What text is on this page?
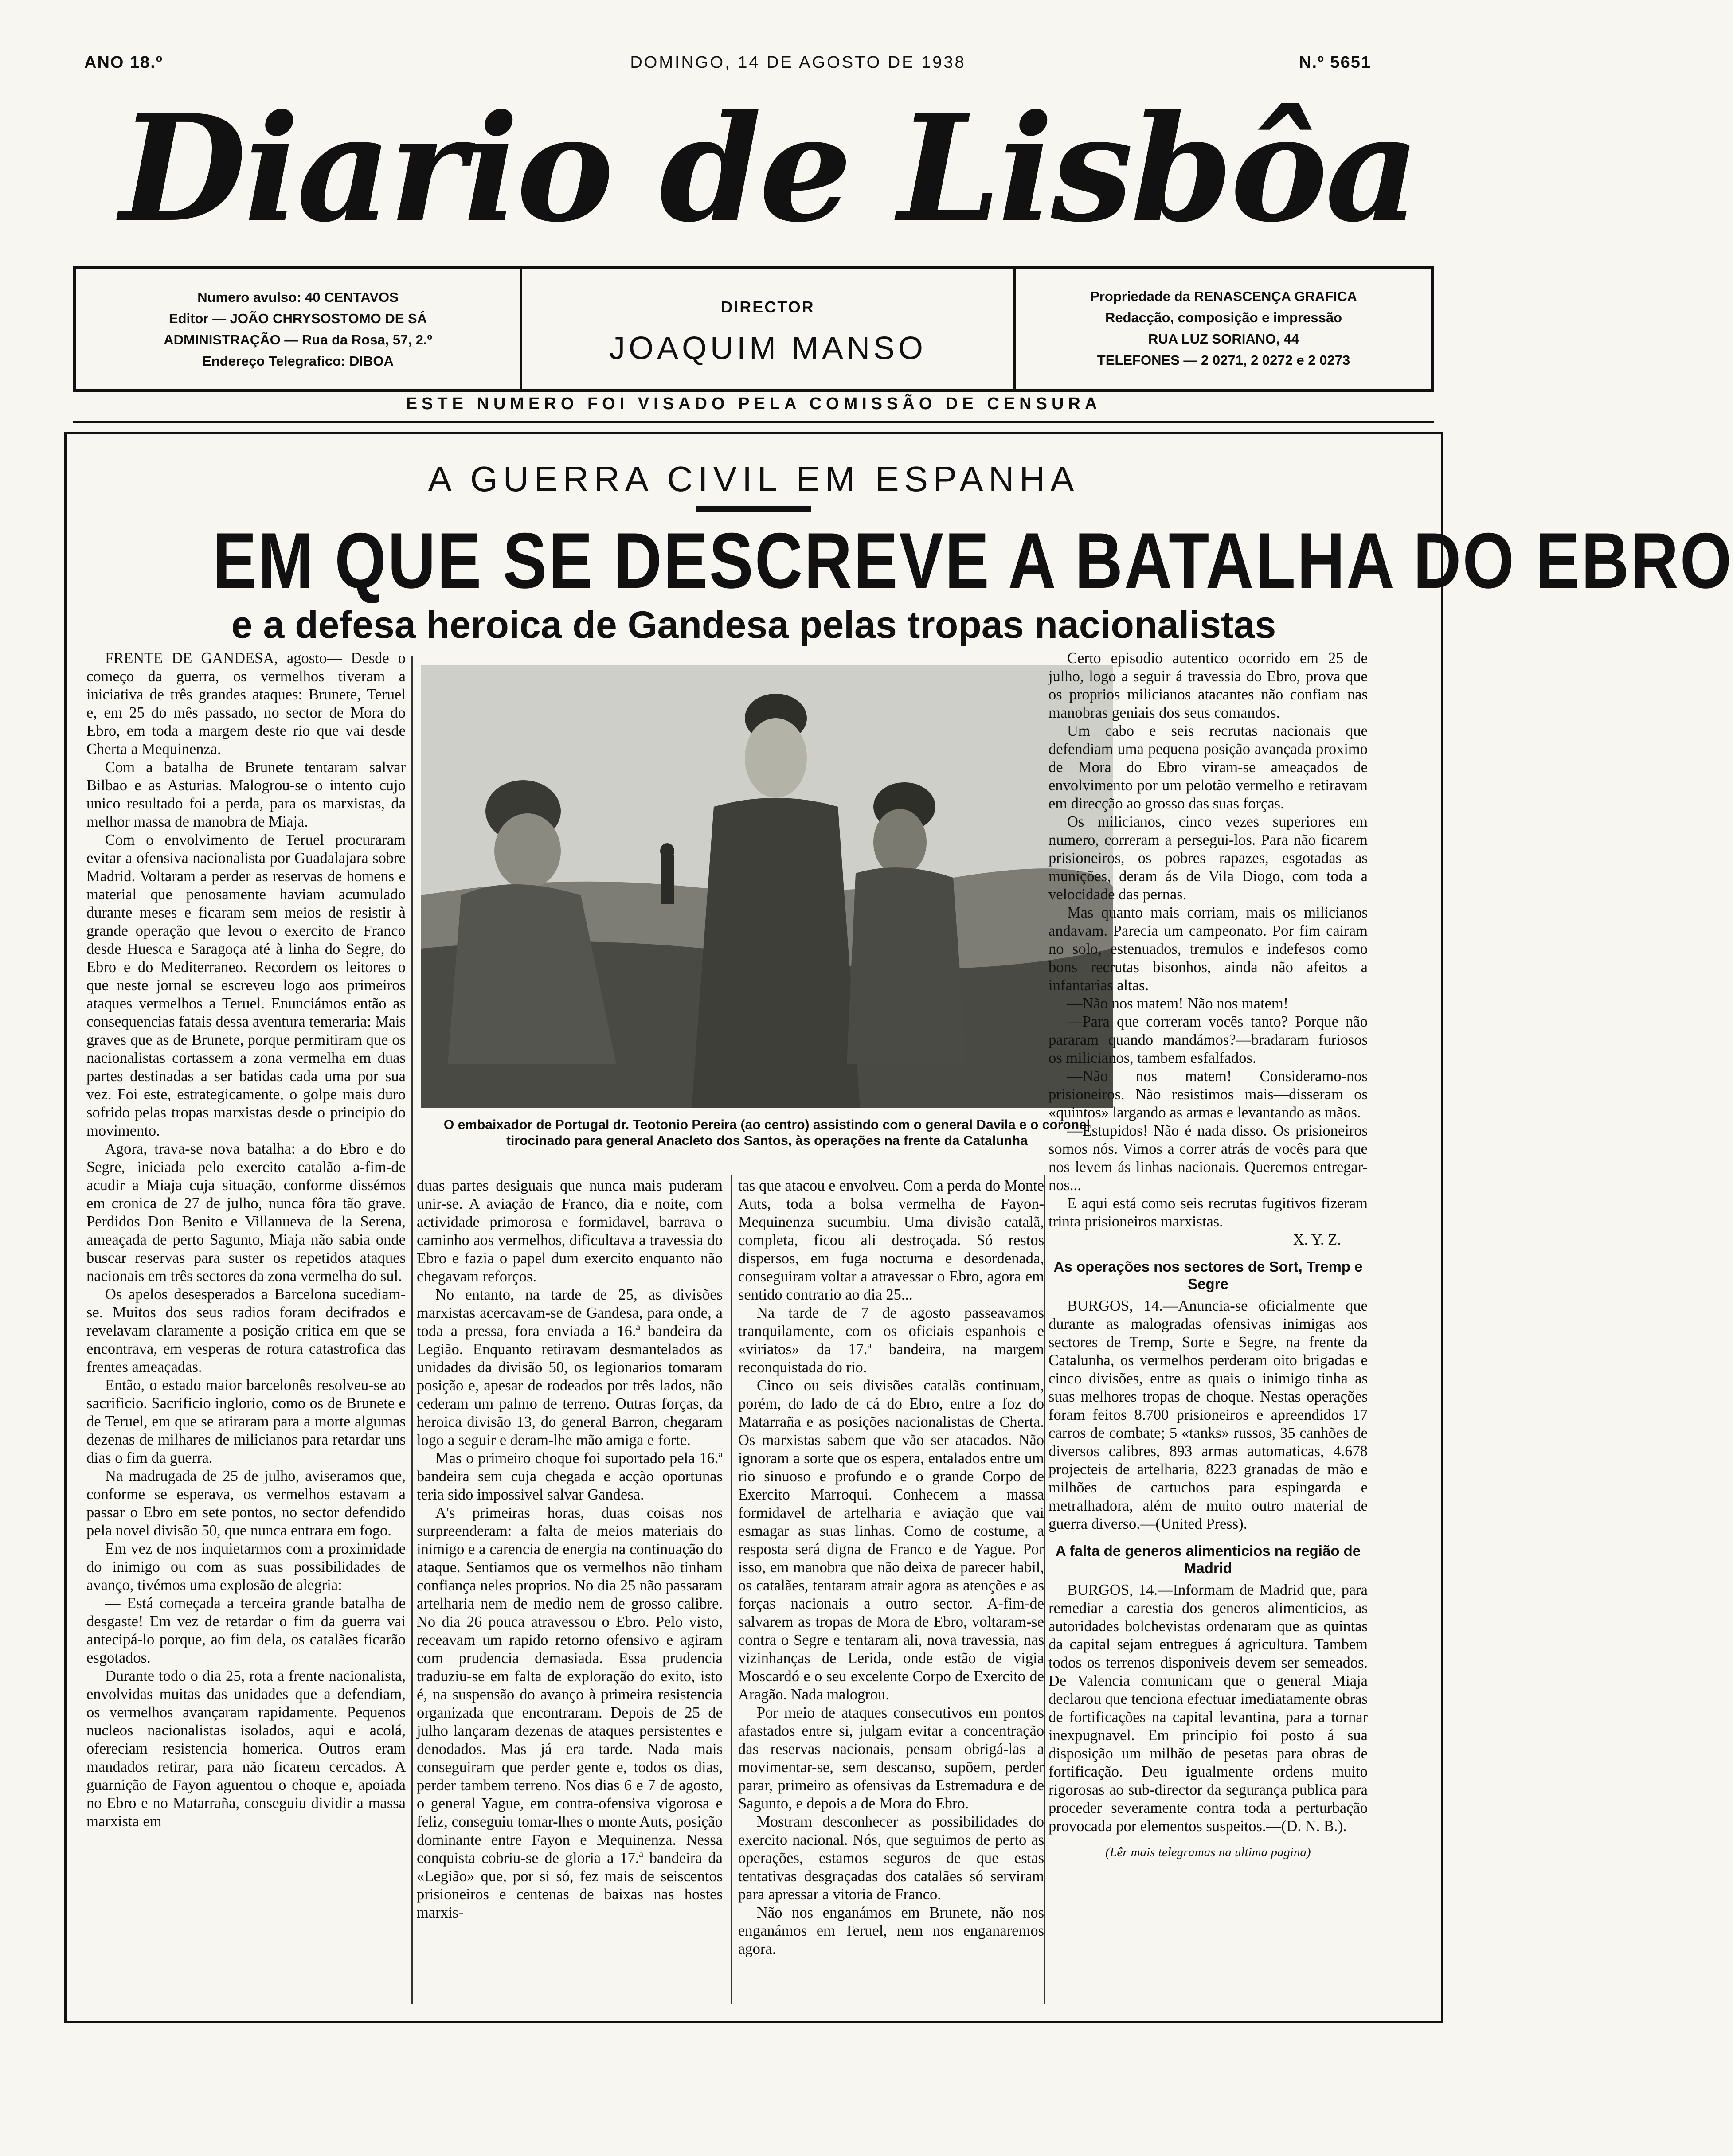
ANO 18.º	DOMINGO, 14 DE AGOSTO DE 1938	N.º 5651
Diario de Lisbôa
Numero avulso: 40 CENTAVOS
Editor — JOÃO CHRYSOSTOMO DE SÁ
ADMINISTRAÇÃO — Rua da Rosa, 57, 2.º
Endereço Telegrafico: DIBOA
DIRECTOR
JOAQUIM MANSO
Propriedade da RENASCENÇA GRAFICA
Redacção, composição e impressão
RUA LUZ SORIANO, 44
TELEFONES — 2 0271, 2 0272 e 2 0273
ESTE NUMERO FOI VISADO PELA COMISSÃO DE CENSURA
A GUERRA CIVIL EM ESPANHA
EM QUE SE DESCREVE A BATALHA DO EBRO
e a defesa heroica de Gandesa pelas tropas nacionalistas

FRENTE DE GANDESA, agosto— Desde o começo da guerra, os vermelhos tiveram a iniciativa de três grandes ataques: Brunete, Teruel e, em 25 do mês passado, no sector de Mora do Ebro, em toda a margem deste rio que vai desde Cherta a Mequinenza.

Com a batalha de Brunete tentaram salvar Bilbao e as Asturias. Malogrou-se o intento cujo unico resultado foi a perda, para os marxistas, da melhor massa de manobra de Miaja.

Com o envolvimento de Teruel procuraram evitar a ofensiva nacionalista por Guadalajara sobre Madrid. Voltaram a perder as reservas de homens e material que penosamente haviam acumulado durante meses e ficaram sem meios de resistir à grande operação que levou o exercito de Franco desde Huesca e Saragoça até à linha do Segre, do Ebro e do Mediterraneo. Recordem os leitores o que neste jornal se escreveu logo aos primeiros ataques vermelhos a Teruel. Enunciámos então as consequencias fatais dessa aventura temeraria: Mais graves que as de Brunete, porque permitiram que os nacionalistas cortassem a zona vermelha em duas partes destinadas a ser batidas cada uma por sua vez. Foi este, estrategicamente, o golpe mais duro sofrido pelas tropas marxistas desde o principio do movimento.

Agora, trava-se nova batalha: a do Ebro e do Segre, iniciada pelo exercito catalão a-fim-de acudir a Miaja cuja situação, conforme dissémos em cronica de 27 de julho, nunca fôra tão grave. Perdidos Don Benito e Villanueva de la Serena, ameaçada de perto Sagunto, Miaja não sabia onde buscar reservas para suster os repetidos ataques nacionais em três sectores da zona vermelha do sul.

Os apelos desesperados a Barcelona sucediam-se. Muitos dos seus radios foram decifrados e revelavam claramente a posição critica em que se encontrava, em vesperas de rotura catastrofica das frentes ameaçadas.

Então, o estado maior barcelonês resolveu-se ao sacrificio. Sacrificio inglorio, como os de Brunete e de Teruel, em que se atiraram para a morte algumas dezenas de milhares de milicianos para retardar uns dias o fim da guerra.

Na madrugada de 25 de julho, aviseramos que, conforme se esperava, os vermelhos estavam a passar o Ebro em sete pontos, no sector defendido pela novel divisão 50, que nunca entrara em fogo.

Em vez de nos inquietarmos com a proximidade do inimigo ou com as suas possibilidades de avanço, tivémos uma explosão de alegria:

— Está começada a terceira grande batalha de desgaste! Em vez de retardar o fim da guerra vai antecipá-lo porque, ao fim dela, os catalães ficarão esgotados.

Durante todo o dia 25, rota a frente nacionalista, envolvidas muitas das unidades que a defendiam, os vermelhos avançaram rapidamente. Pequenos nucleos nacionalistas isolados, aqui e acolá, ofereciam resistencia homerica. Outros eram mandados retirar, para não ficarem cercados. A guarnição de Fayon aguentou o choque e, apoiada no Ebro e no Matarraña, conseguiu dividir a massa marxista em

O embaixador de Portugal dr. Teotonio Pereira (ao centro) assistindo com o general Davila e o coronel tirocinado para general Anacleto dos Santos, às operações na frente da Catalunha

duas partes desiguais que nunca mais puderam unir-se. A aviação de Franco, dia e noite, com actividade primorosa e formidavel, barrava o caminho aos vermelhos, dificultava a travessia do Ebro e fazia o papel dum exercito enquanto não chegavam reforços.

No entanto, na tarde de 25, as divisões marxistas acercavam-se de Gandesa, para onde, a toda a pressa, fora enviada a 16.ª bandeira da Legião. Enquanto retiravam desmantelados as unidades da divisão 50, os legionarios tomaram posição e, apesar de rodeados por três lados, não cederam um palmo de terreno. Outras forças, da heroica divisão 13, do general Barron, chegaram logo a seguir e deram-lhe mão amiga e forte.

Mas o primeiro choque foi suportado pela 16.ª bandeira sem cuja chegada e acção oportunas teria sido impossivel salvar Gandesa.

A's primeiras horas, duas coisas nos surpreenderam: a falta de meios materiais do inimigo e a carencia de energia na continuação do ataque. Sentiamos que os vermelhos não tinham confiança neles proprios. No dia 25 não passaram artelharia nem de medio nem de grosso calibre. No dia 26 pouca atravessou o Ebro. Pelo visto, receavam um rapido retorno ofensivo e agiram com prudencia demasiada. Essa prudencia traduziu-se em falta de exploração do exito, isto é, na suspensão do avanço à primeira resistencia organizada que encontraram. Depois de 25 de julho lançaram dezenas de ataques persistentes e denodados. Mas já era tarde. Nada mais conseguiram que perder gente e, todos os dias, perder tambem terreno. Nos dias 6 e 7 de agosto, o general Yague, em contra-ofensiva vigorosa e feliz, conseguiu tomar-lhes o monte Auts, posição dominante entre Fayon e Mequinenza. Nessa conquista cobriu-se de gloria a 17.ª bandeira da «Legião» que, por si só, fez mais de seiscentos prisioneiros e centenas de baixas nas hostes marxis-

tas que atacou e envolveu. Com a perda do Monte Auts, toda a bolsa vermelha de Fayon-Mequinenza sucumbiu. Uma divisão catalã, completa, ficou ali destroçada. Só restos dispersos, em fuga nocturna e desordenada, conseguiram voltar a atravessar o Ebro, agora em sentido contrario ao dia 25...

Na tarde de 7 de agosto passeavamos tranquilamente, com os oficiais espanhois e «viriatos» da 17.ª bandeira, na margem reconquistada do rio.

Cinco ou seis divisões catalãs continuam, porém, do lado de cá do Ebro, entre a foz do Matarraña e as posições nacionalistas de Cherta. Os marxistas sabem que vão ser atacados. Não ignoram a sorte que os espera, entalados entre um rio sinuoso e profundo e o grande Corpo de Exercito Marroqui. Conhecem a massa formidavel de artelharia e aviação que vai esmagar as suas linhas. Como de costume, a resposta será digna de Franco e de Yague. Por isso, em manobra que não deixa de parecer habil, os catalães, tentaram atrair agora as atenções e as forças nacionais a outro sector. A-fim-de salvarem as tropas de Mora de Ebro, voltaram-se contra o Segre e tentaram ali, nova travessia, nas vizinhanças de Lerida, onde estão de vigia Moscardó e o seu excelente Corpo de Exercito de Aragão. Nada malogrou.

Por meio de ataques consecutivos em pontos afastados entre si, julgam evitar a concentração das reservas nacionais, pensam obrigá-las a movimentar-se, sem descanso, supõem, perder parar, primeiro as ofensivas da Estremadura e de Sagunto, e depois a de Mora do Ebro.

Mostram desconhecer as possibilidades do exercito nacional. Nós, que seguimos de perto as operações, estamos seguros de que estas tentativas desgraçadas dos catalães só serviram para apressar a vitoria de Franco.

Não nos enganámos em Brunete, não nos enganámos em Teruel, nem nos enganaremos agora.

Certo episodio autentico ocorrido em 25 de julho, logo a seguir á travessia do Ebro, prova que os proprios milicianos atacantes não confiam nas manobras geniais dos seus comandos.

Um cabo e seis recrutas nacionais que defendiam uma pequena posição avançada proximo de Mora do Ebro viram-se ameaçados de envolvimento por um pelotão vermelho e retiravam em direcção ao grosso das suas forças.

Os milicianos, cinco vezes superiores em numero, correram a persegui-los. Para não ficarem prisioneiros, os pobres rapazes, esgotadas as munições, deram ás de Vila Diogo, com toda a velocidade das pernas.

Mas quanto mais corriam, mais os milicianos andavam. Parecia um campeonato. Por fim cairam no solo, estenuados, tremulos e indefesos como bons recrutas bisonhos, ainda não afeitos a infantarias altas.

—Não nos matem! Não nos matem!

—Para que correram vocês tanto? Porque não pararam quando mandámos?—bradaram furiosos os milicianos, tambem esfalfados.

—Não nos matem! Consideramo-nos prisioneiros. Não resistimos mais—disseram os «quintos» largando as armas e levantando as mãos.

—Estupidos! Não é nada disso. Os prisioneiros somos nós. Vimos a correr atrás de vocês para que nos levem ás linhas nacionais. Queremos entregar-nos...

E aqui está como seis recrutas fugitivos fizeram trinta prisioneiros marxistas.

X. Y. Z.

As operações nos sectores de Sort, Tremp e Segre

BURGOS, 14.—Anuncia-se oficialmente que durante as malogradas ofensivas inimigas aos sectores de Tremp, Sorte e Segre, na frente da Catalunha, os vermelhos perderam oito brigadas e cinco divisões, entre as quais o inimigo tinha as suas melhores tropas de choque. Nestas operações foram feitos 8.700 prisioneiros e apreendidos 17 carros de combate; 5 «tanks» russos, 35 canhões de diversos calibres, 893 armas automaticas, 4.678 projecteis de artelharia, 8223 granadas de mão e milhões de cartuchos para espingarda e metralhadora, além de muito outro material de guerra diverso.—(United Press).

A falta de generos alimenticios na região de Madrid

BURGOS, 14.—Informam de Madrid que, para remediar a carestia dos generos alimenticios, as autoridades bolchevistas ordenaram que as quintas da capital sejam entregues á agricultura. Tambem todos os terrenos disponiveis devem ser semeados. De Valencia comunicam que o general Miaja declarou que tenciona efectuar imediatamente obras de fortificações na capital levantina, para a tornar inexpugnavel. Em principio foi posto á sua disposição um milhão de pesetas para obras de fortificação. Deu igualmente ordens muito rigorosas ao sub-director da segurança publica para proceder severamente contra toda a perturbação provocada por elementos suspeitos.—(D. N. B.).

(Lêr mais telegramas na ultima pagina)
